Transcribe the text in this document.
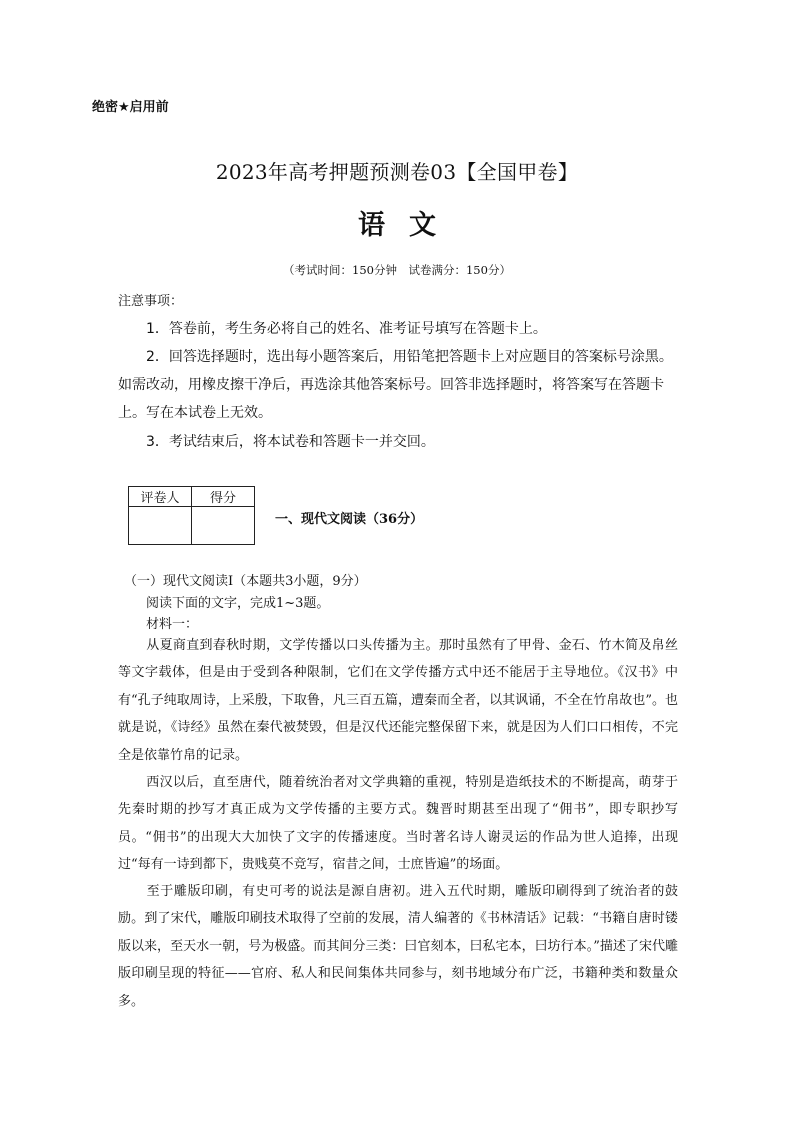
绝密★启用前
2023年高考押题预测卷03【全国甲卷】
语文
（考试时间：150分钟　试卷满分：150分）
注意事项：
1．答卷前，考生务必将自己的姓名、准考证号填写在答题卡上。
2．回答选择题时，选出每小题答案后，用铅笔把答题卡上对应题目的答案标号涂黑。如需改动，用橡皮擦干净后，再选涂其他答案标号。回答非选择题时，将答案写在答题卡上。写在本试卷上无效。
3．考试结束后，将本试卷和答题卡一并交回。
评卷人	得分

一、现代文阅读（36分）
（一）现代文阅读Ⅰ（本题共3小题，9分）
阅读下面的文字，完成1~3题。
材料一：
从夏商直到春秋时期，文学传播以口头传播为主。那时虽然有了甲骨、金石、竹木简及帛丝等文字载体，但是由于受到各种限制，它们在文学传播方式中还不能居于主导地位。《汉书》中有“孔子纯取周诗，上采殷，下取鲁，凡三百五篇，遭秦而全者，以其讽诵，不全在竹帛故也”。也就是说，《诗经》虽然在秦代被焚毁，但是汉代还能完整保留下来，就是因为人们口口相传，不完全是依靠竹帛的记录。
西汉以后，直至唐代，随着统治者对文学典籍的重视，特别是造纸技术的不断提高，萌芽于先秦时期的抄写才真正成为文学传播的主要方式。魏晋时期甚至出现了“佣书”，即专职抄写员。“佣书”的出现大大加快了文字的传播速度。当时著名诗人谢灵运的作品为世人追捧，出现过“每有一诗到都下，贵贱莫不竞写，宿昔之间，士庶皆遍”的场面。
至于雕版印刷，有史可考的说法是源自唐初。进入五代时期，雕版印刷得到了统治者的鼓励。到了宋代，雕版印刷技术取得了空前的发展，清人编著的《书林清话》记载：“书籍自唐时镂版以来，至天水一朝，号为极盛。而其间分三类：曰官刻本，曰私宅本，曰坊行本。”描述了宋代雕版印刷呈现的特征——官府、私人和民间集体共同参与，刻书地域分布广泛，书籍种类和数量众多。
